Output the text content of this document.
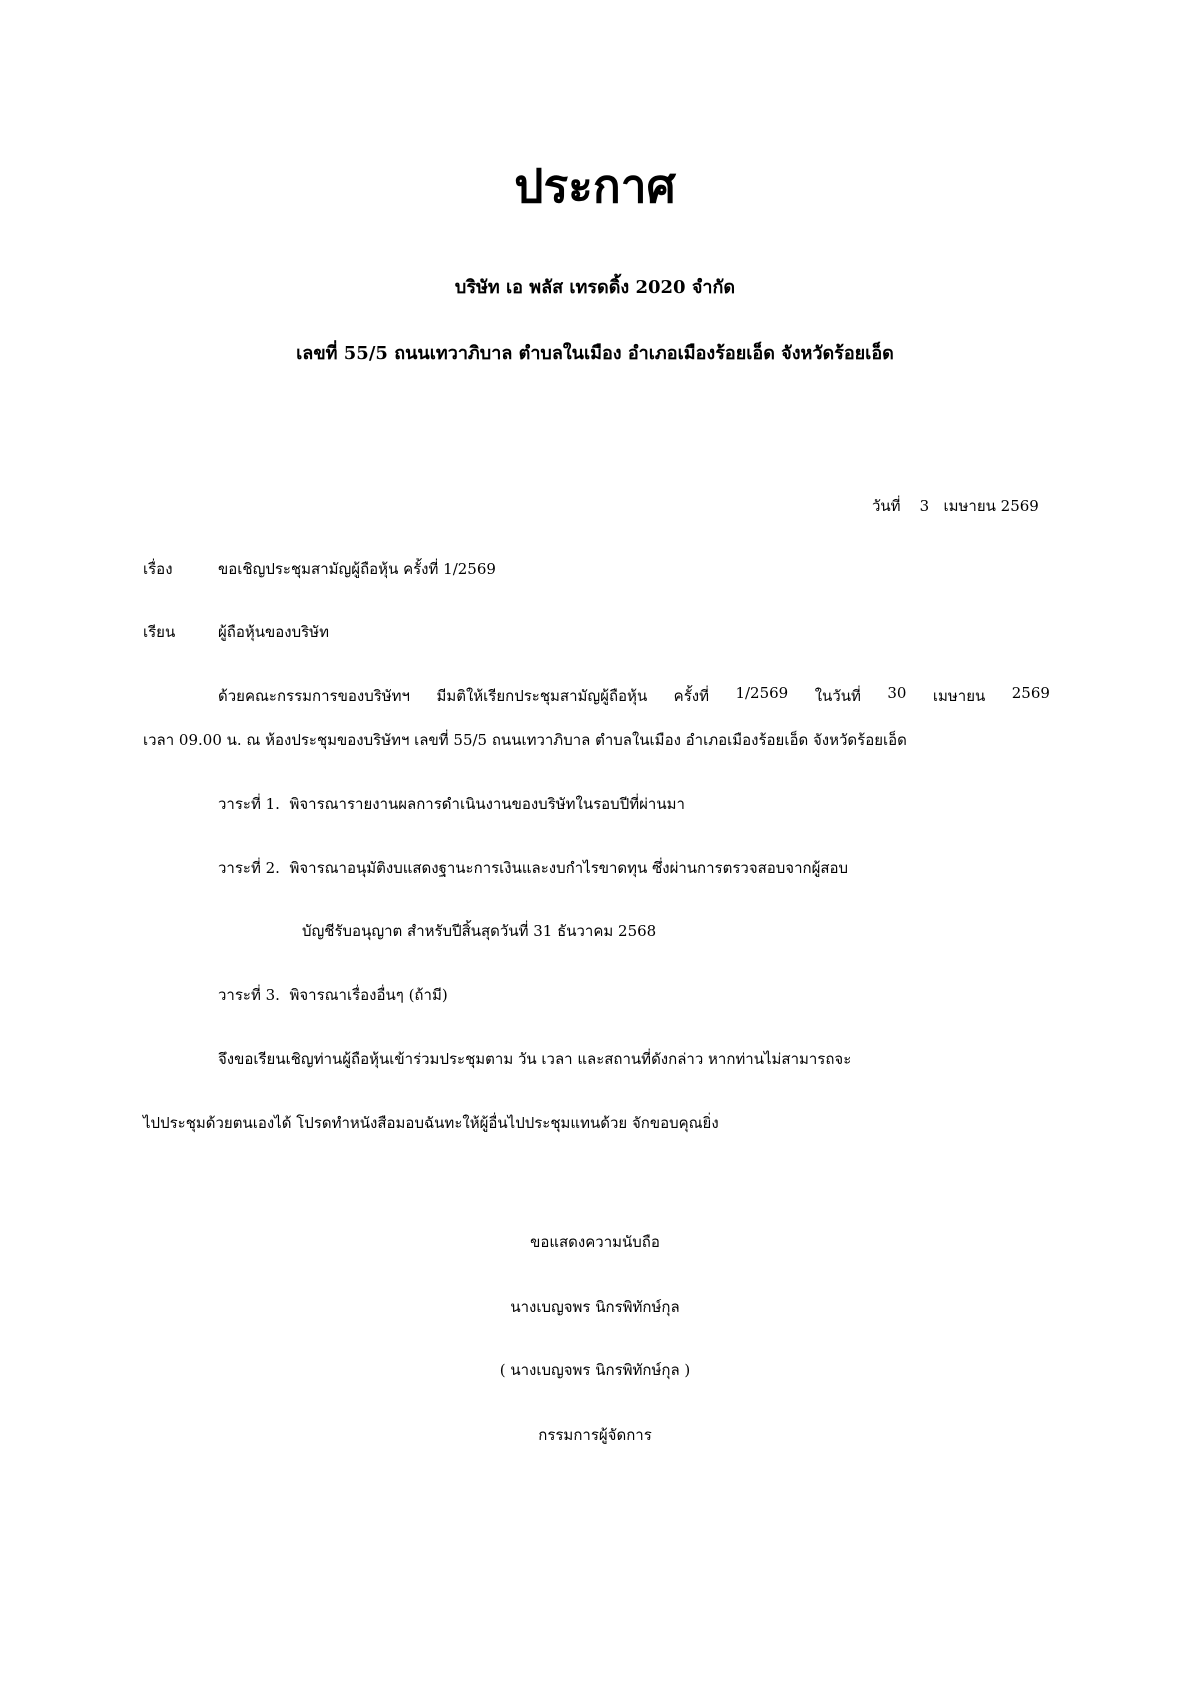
ประกาศ
บริษัท เอ พลัส เทรดดิ้ง 2020 จำกัด
เลขที่ 55/5 ถนนเทวาภิบาล ตำบลในเมือง อำเภอเมืองร้อยเอ็ด จังหวัดร้อยเอ็ด
วันที่ 3 เมษายน 2569
เรื่อง	ขอเชิญประชุมสามัญผู้ถือหุ้น ครั้งที่ 1/2569
เรียน	ผู้ถือหุ้นของบริษัท
ด้วยคณะกรรมการของบริษัทฯ มีมติให้เรียกประชุมสามัญผู้ถือหุ้น ครั้งที่ 1/2569 ในวันที่ 30 เมษายน 2569
เวลา 09.00 น. ณ ห้องประชุมของบริษัทฯ เลขที่ 55/5 ถนนเทวาภิบาล ตำบลในเมือง อำเภอเมืองร้อยเอ็ด จังหวัดร้อยเอ็ด
วาระที่ 1. พิจารณารายงานผลการดำเนินงานของบริษัทในรอบปีที่ผ่านมา
วาระที่ 2. พิจารณาอนุมัติงบแสดงฐานะการเงินและงบกำไรขาดทุน ซึ่งผ่านการตรวจสอบจากผู้สอบ
บัญชีรับอนุญาต สำหรับปีสิ้นสุดวันที่ 31 ธันวาคม 2568
วาระที่ 3. พิจารณาเรื่องอื่นๆ (ถ้ามี)
จึงขอเรียนเชิญท่านผู้ถือหุ้นเข้าร่วมประชุมตาม วัน เวลา และสถานที่ดังกล่าว หากท่านไม่สามารถจะ
ไปประชุมด้วยตนเองได้ โปรดทำหนังสือมอบฉันทะให้ผู้อื่นไปประชุมแทนด้วย จักขอบคุณยิ่ง
ขอแสดงความนับถือ
นางเบญจพร นิกรพิทักษ์กุล
( นางเบญจพร นิกรพิทักษ์กุล )
กรรมการผู้จัดการ
